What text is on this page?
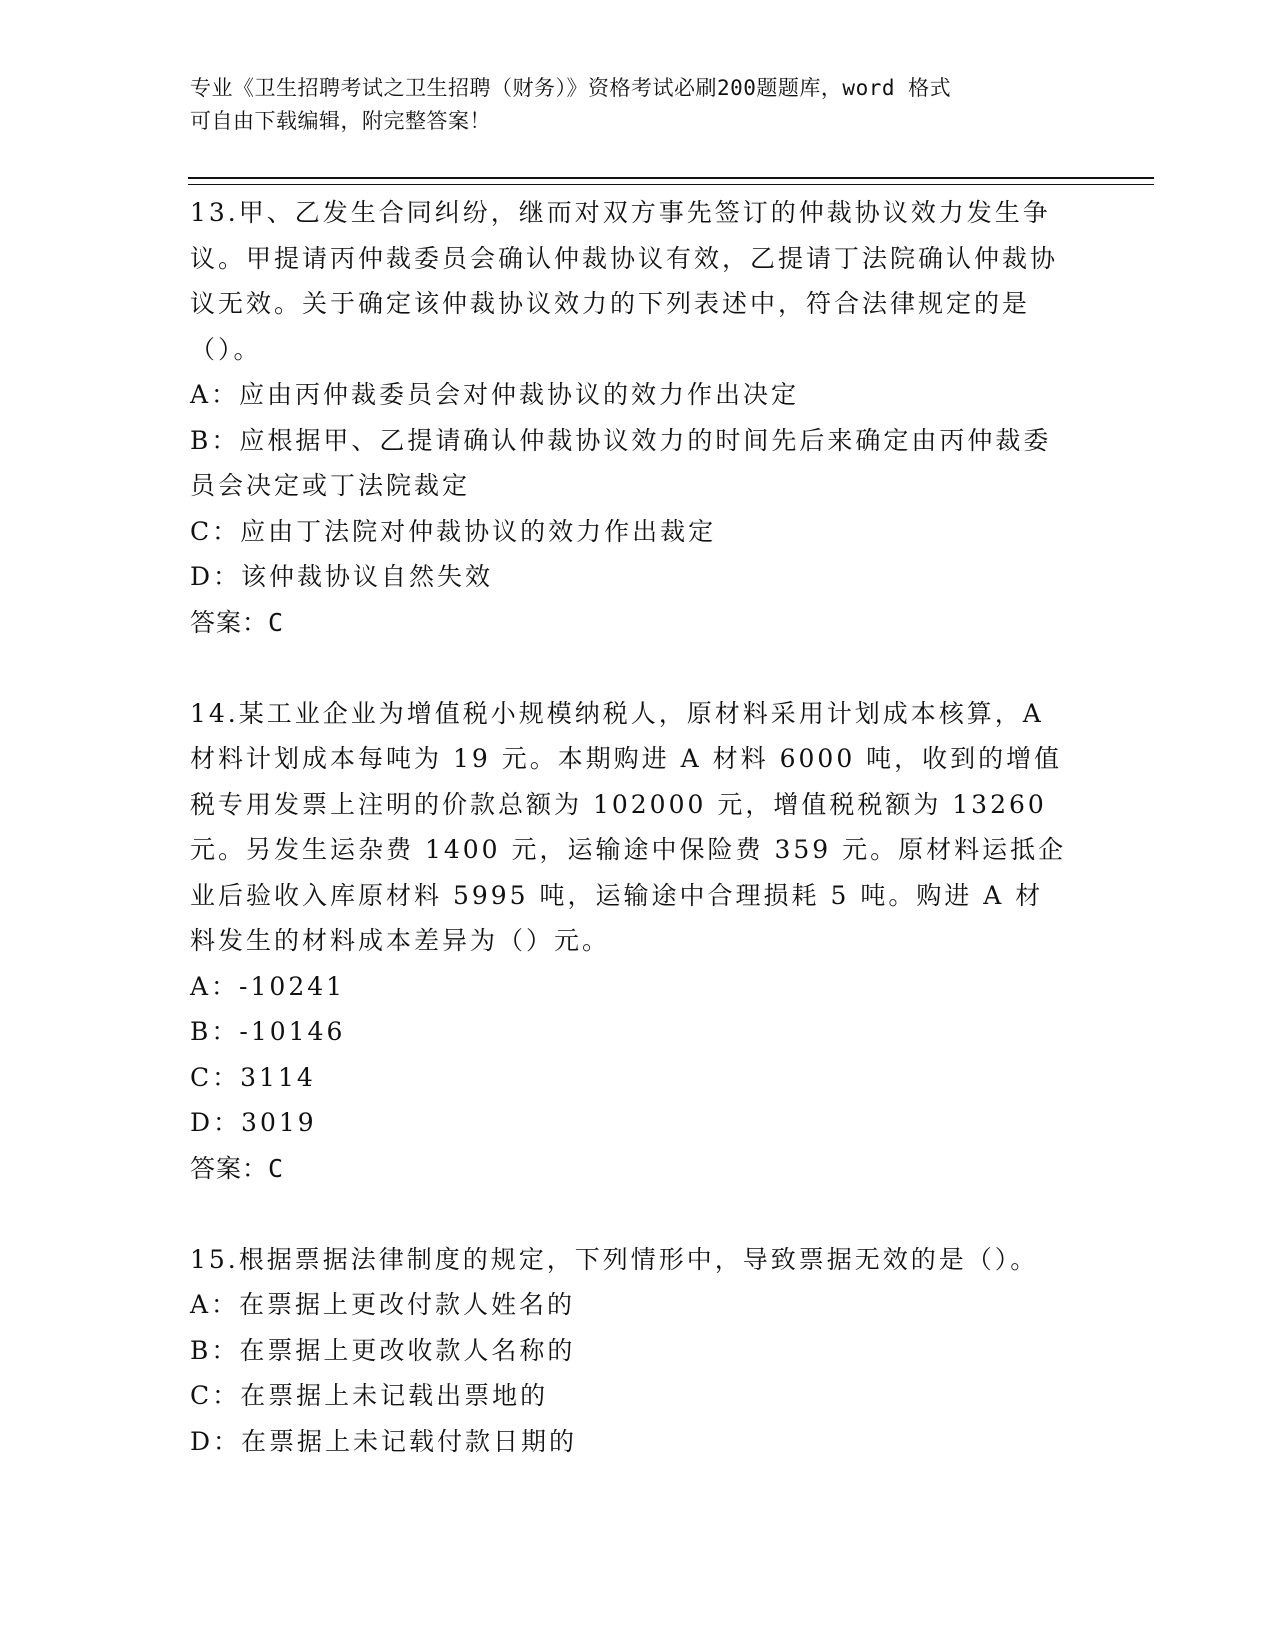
专业《卫生招聘考试之卫生招聘（财务）》资格考试必刷200题题库，word 格式
可自由下载编辑，附完整答案！

13.甲、乙发生合同纠纷，继而对双方事先签订的仲裁协议效力发生争议。甲提请丙仲裁委员会确认仲裁协议有效，乙提请丁法院确认仲裁协议无效。关于确定该仲裁协议效力的下列表述中，符合法律规定的是（）。

A：应由丙仲裁委员会对仲裁协议的效力作出决定

B：应根据甲、乙提请确认仲裁协议效力的时间先后来确定由丙仲裁委员会决定或丁法院裁定

C：应由丁法院对仲裁协议的效力作出裁定

D：该仲裁协议自然失效

答案：C

14.某工业企业为增值税小规模纳税人，原材料采用计划成本核算，A材料计划成本每吨为 19 元。本期购进 A 材料 6000 吨，收到的增值税专用发票上注明的价款总额为 102000 元，增值税税额为 13260 元。另发生运杂费 1400 元，运输途中保险费 359 元。原材料运抵企业后验收入库原材料 5995 吨，运输途中合理损耗 5 吨。购进 A 材料发生的材料成本差异为（）元。

A：-10241

B：-10146

C：3114

D：3019

答案：C

15.根据票据法律制度的规定，下列情形中，导致票据无效的是（）。

A：在票据上更改付款人姓名的

B：在票据上更改收款人名称的

C：在票据上未记载出票地的

D：在票据上未记载付款日期的
